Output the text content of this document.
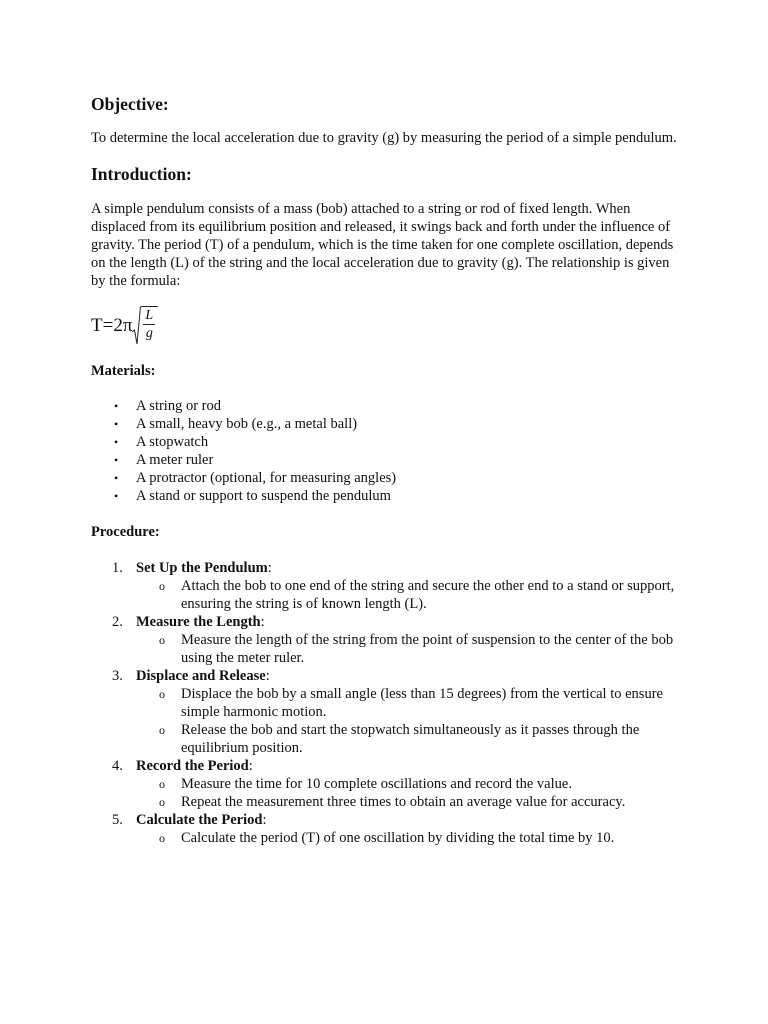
Objective:

To determine the local acceleration due to gravity (g) by measuring the period of a simple pendulum.

Introduction:

A simple pendulum consists of a mass (bob) attached to a string or rod of fixed length. When displaced from its equilibrium position and released, it swings back and forth under the influence of gravity. The period (T) of a pendulum, which is the time taken for one complete oscillation, depends on the length (L) of the string and the local acceleration due to gravity (g). The relationship is given by the formula:

$T=2\pi \frac{L}{g}$
Materials:
• A string or rod
• A small, heavy bob (e.g., a metal ball)
• A stopwatch
• A meter ruler
• A protractor (optional, for measuring angles)
• A stand or support to suspend the pendulum
Procedure:
1. Set Up the Pendulum:
o Attach the bob to one end of the string and secure the other end to a stand or support, ensuring the string is of known length (L).
2. Measure the Length:
o Measure the length of the string from the point of suspension to the center of the bob using the meter ruler.
3. Displace and Release:
o Displace the bob by a small angle (less than 15 degrees) from the vertical to ensure simple harmonic motion.
o Release the bob and start the stopwatch simultaneously as it passes through the equilibrium position.
4. Record the Period:
o Measure the time for 10 complete oscillations and record the value.
o Repeat the measurement three times to obtain an average value for accuracy.
5. Calculate the Period:
o Calculate the period (T) of one oscillation by dividing the total time by 10.
